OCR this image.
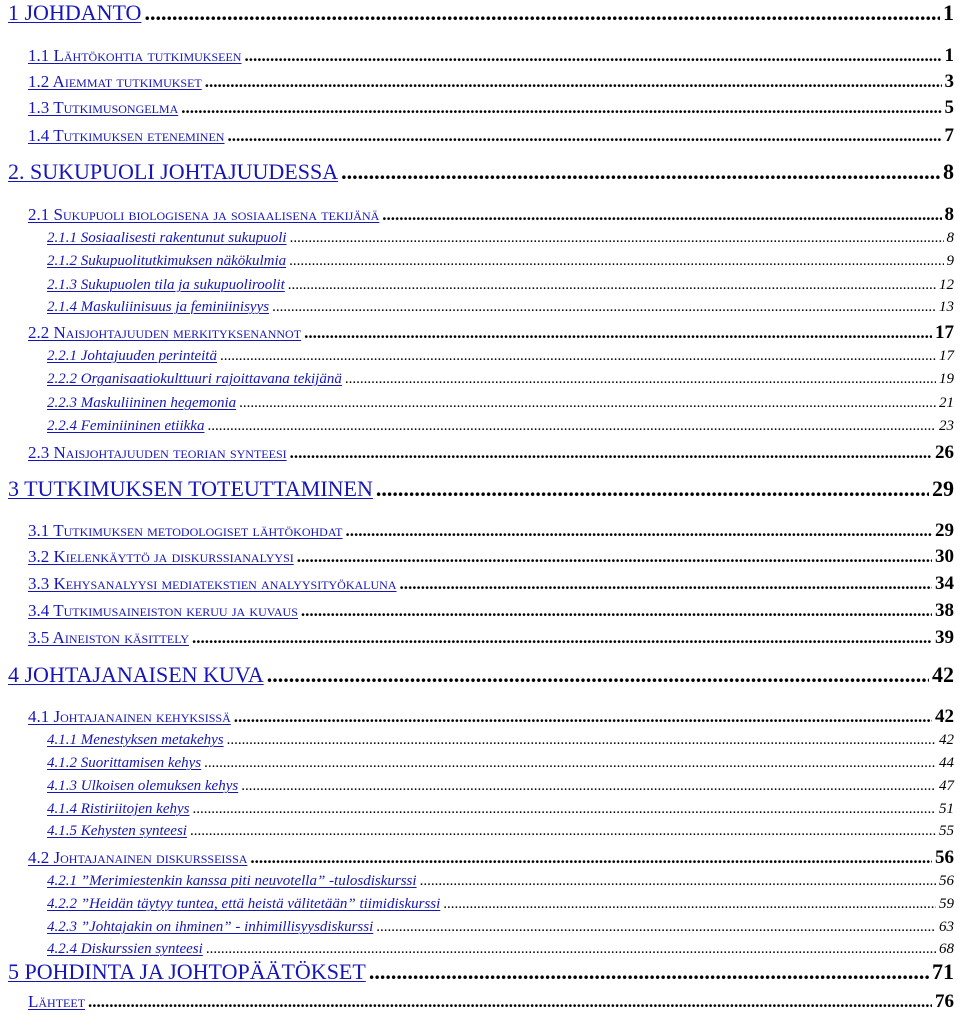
1 JOHDANTO .....	1
1.1 Lähtökohtia tutkimukseen .....	1
1.2 Aiemmat tutkimukset .....	3
1.3 Tutkimusongelma .....	5
1.4 Tutkimuksen eteneminen .....	7
2. SUKUPUOLI JOHTAJUUDESSA .....	8
2.1 Sukupuoli biologisena ja sosiaalisena tekijänä .....	8
2.1.1 Sosiaalisesti rakentunut sukupuoli .....	8
2.1.2 Sukupuolitutkimuksen näkökulmia .....	9
2.1.3 Sukupuolen tila ja sukupuoliroolit .....	12
2.1.4 Maskuliinisuus ja feminiinisyys .....	13
2.2 Naisjohtajuuden merkityksenannot .....	17
2.2.1 Johtajuuden perinteitä .....	17
2.2.2 Organisaatiokulttuuri rajoittavana tekijänä .....	19
2.2.3 Maskuliininen hegemonia .....	21
2.2.4 Feminiininen etiikka .....	23
2.3 Naisjohtajuuden teorian synteesi .....	26
3 TUTKIMUKSEN TOTEUTTAMINEN .....	29
3.1 Tutkimuksen metodologiset lähtökohdat .....	29
3.2 Kielenkäyttö ja diskurssianalyysi .....	30
3.3 Kehysanalyysi mediatekstien analyysityökaluna .....	34
3.4 Tutkimusaineiston keruu ja kuvaus .....	38
3.5 Aineiston käsittely .....	39
4 JOHTAJANAISEN KUVA .....	42
4.1 Johtajanainen kehyksissä .....	42
4.1.1 Menestyksen metakehys .....	42
4.1.2 Suorittamisen kehys .....	44
4.1.3 Ulkoisen olemuksen kehys .....	47
4.1.4 Ristiriitojen kehys .....	51
4.1.5 Kehysten synteesi .....	55
4.2 Johtajanainen diskursseissa .....	56
4.2.1 ”Merimiestenkin kanssa piti neuvotella” -tulosdiskurssi .....	56
4.2.2 ”Heidän täytyy tuntea, että heistä välitetään” tiimidiskurssi .....	59
4.2.3 ”Johtajakin on ihminen” - inhimillisyysdiskurssi .....	63
4.2.4 Diskurssien synteesi .....	68
5 POHDINTA JA JOHTOPÄÄTÖKSET .....	71
Lähteet .....	76
